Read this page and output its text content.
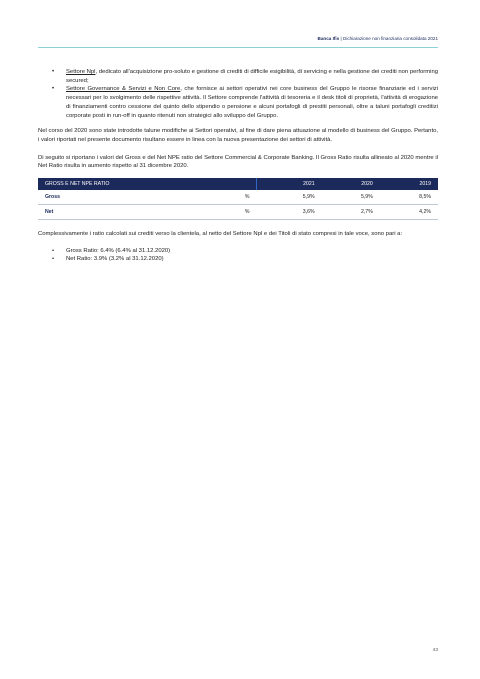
Banca Ifis | Dichiarazione non finanziaria consolidata 2021
• Settore Npl, dedicato all'acquisizione pro-soluto e gestione di crediti di difficile esigibilità, di servicing e nella gestione dei crediti non performing secured;
• Settore Governance & Servizi e Non Core, che fornisce ai settori operativi nei core business del Gruppo le risorse finanziarie ed i servizi necessari per lo svolgimento delle rispettive attività. Il Settore comprende l'attività di tesoreria e il desk titoli di proprietà, l'attività di erogazione di finanziamenti contro cessione del quinto dello stipendio o pensione e alcuni portafogli di prestiti personali, oltre a taluni portafogli creditizi corporate posti in run-off in quanto ritenuti non strategici allo sviluppo del Gruppo.

Nel corso del 2020 sono state introdotte talune modifiche ai Settori operativi, al fine di dare piena attuazione al modello di business del Gruppo. Pertanto, i valori riportati nel presente documento risultano essere in linea con la nuova presentazione dei settori di attività.

Di seguito si riportano i valori del Gross e del Net NPE ratio del Settore Commercial & Corporate Banking. Il Gross Ratio risulta allineato al 2020 mentre il Net Ratio risulta in aumento rispetto al 31 dicembre 2020.

GROSS E NET NPE RATIO			2021	2020	2019
Gross	%		5,9%	5,9%	8,5%
Net	%		3,6%	2,7%	4,2%

Complessivamente i ratio calcolati sui crediti verso la clientela, al netto del Settore Npl e dei Titoli di stato compresi in tale voce, sono pari a:

• Gross Ratio: 6.4% (6.4% al 31.12.2020)
• Net Ratio: 3.9% (3.2% al 31.12.2020)
43
